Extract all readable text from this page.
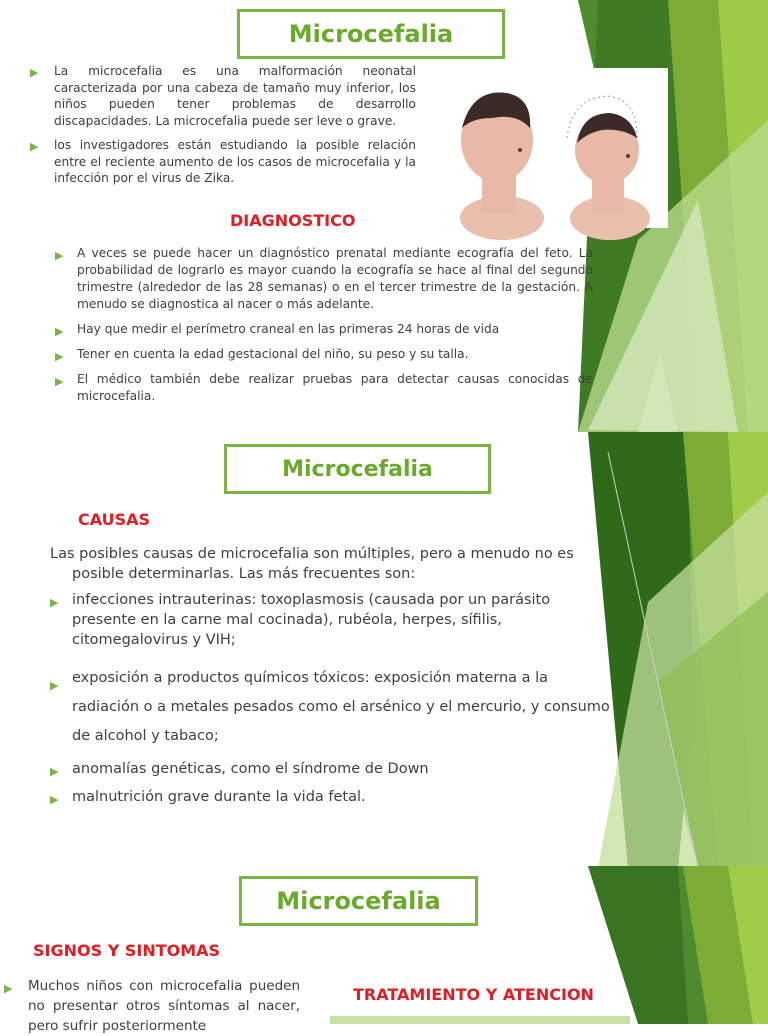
Microcefalia
▶ La microcefalia es una malformación neonatal caracterizada por una cabeza de tamaño muy inferior, los niños pueden tener problemas de desarrollo discapacidades. La microcefalia puede ser leve o grave.
▶ los investigadores están estudiando la posible relación entre el reciente aumento de los casos de microcefalia y la infección por el virus de Zika.
DIAGNOSTICO
▶ A veces se puede hacer un diagnóstico prenatal mediante ecografía del feto. La probabilidad de lograrlo es mayor cuando la ecografía se hace al final del segundo trimestre (alrededor de las 28 semanas) o en el tercer trimestre de la gestación. A menudo se diagnostica al nacer o más adelante.
▶ Hay que medir el perímetro craneal en las primeras 24 horas de vida
▶ Tener en cuenta la edad gestacional del niño, su peso y su talla.
▶ El médico también debe realizar pruebas para detectar causas conocidas de microcefalia.
Microcefalia
CAUSAS
Las posibles causas de microcefalia son múltiples, pero a menudo no es
posible determinarlas. Las más frecuentes son:
▶ infecciones intrauterinas: toxoplasmosis (causada por un parásito presente en la carne mal cocinada), rubéola, herpes, sífilis, citomegalovirus y VIH;
▶ exposición a productos químicos tóxicos: exposición materna a la radiación o a metales pesados como el arsénico y el mercurio, y consumo de alcohol y tabaco;
▶ anomalías genéticas, como el síndrome de Down
▶ malnutrición grave durante la vida fetal.
Microcefalia
SIGNOS Y SINTOMAS
▶ Muchos niños con microcefalia pueden no presentar otros síntomas al nacer, pero sufrir posteriormente
TRATAMIENTO Y ATENCION
